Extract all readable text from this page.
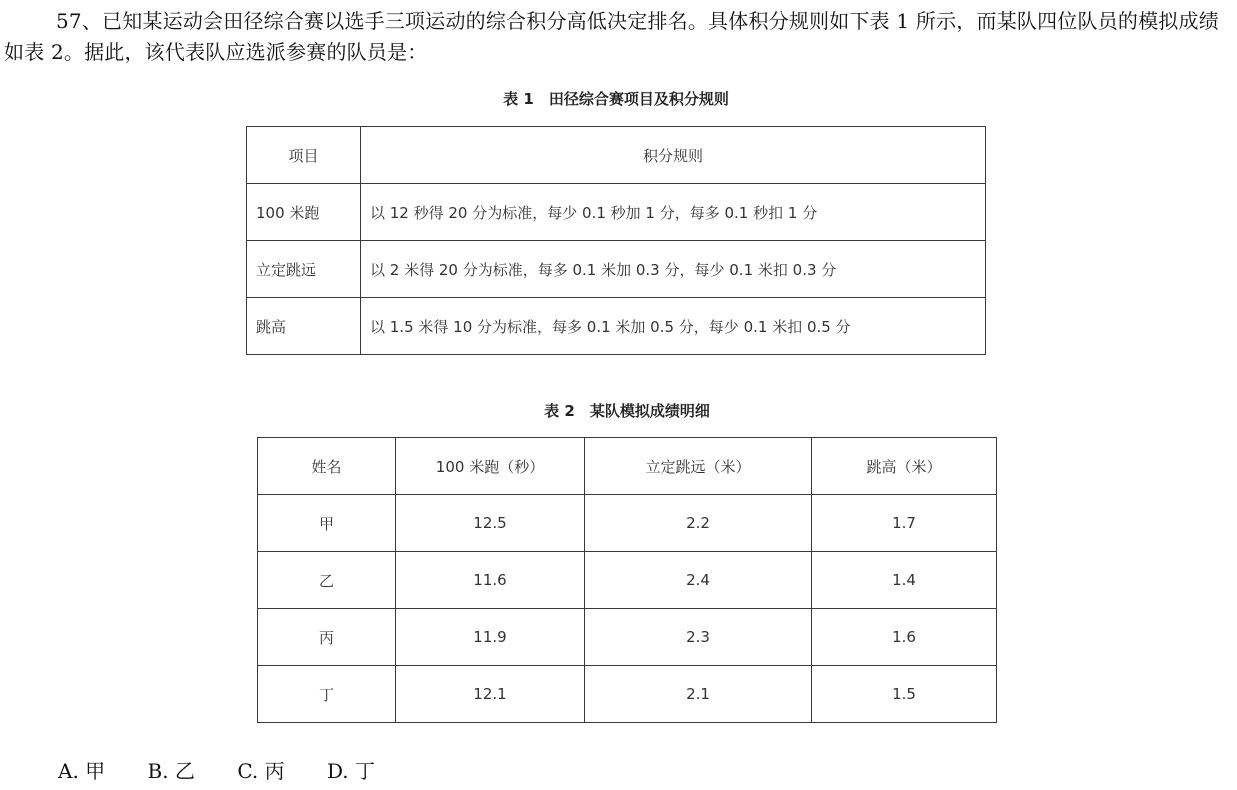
57、已知某运动会田径综合赛以选手三项运动的综合积分高低决定排名。具体积分规则如下表 1 所示，而某队四位队员的模拟成绩如表 2。据此，该代表队应选派参赛的队员是：
表 1　田径综合赛项目及积分规则
项目	积分规则
100 米跑	以 12 秒得 20 分为标准，每少 0.1 秒加 1 分，每多 0.1 秒扣 1 分
立定跳远	以 2 米得 20 分为标准，每多 0.1 米加 0.3 分，每少 0.1 米扣 0.3 分
跳高	以 1.5 米得 10 分为标准，每多 0.1 米加 0.5 分，每少 0.1 米扣 0.5 分
表 2　某队模拟成绩明细
姓名	100 米跑（秒）	立定跳远（米）	跳高（米）
甲	12.5	2.2	1.7
乙	11.6	2.4	1.4
丙	11.9	2.3	1.6
丁	12.1	2.1	1.5
A. 甲 B. 乙 C. 丙 D. 丁
